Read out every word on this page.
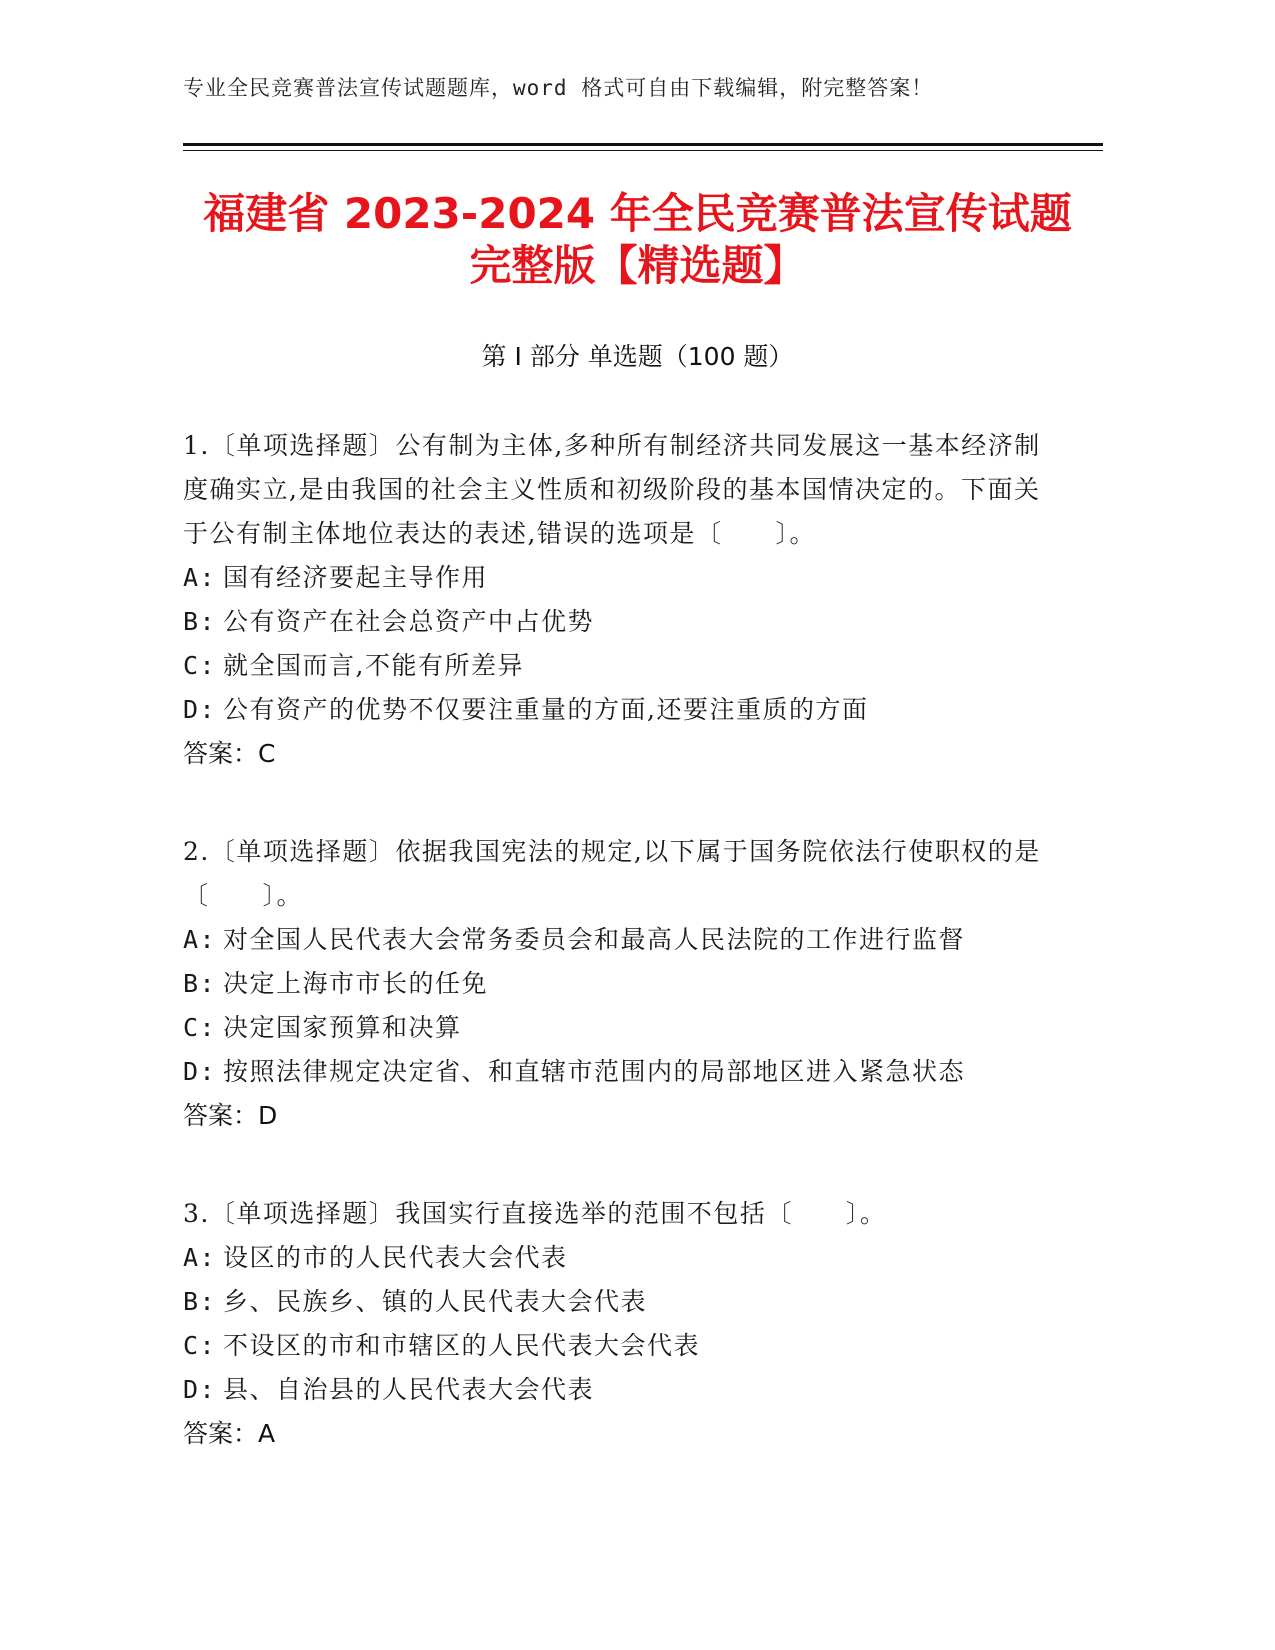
专业全民竞赛普法宣传试题题库，word 格式可自由下载编辑，附完整答案！
福建省 2023-2024 年全民竞赛普法宣传试题
完整版【精选题】
第 I 部分 单选题（100 题）

1.〔单项选择题〕公有制为主体,多种所有制经济共同发展这一基本经济制度确实立,是由我国的社会主义性质和初级阶段的基本国情决定的。下面关于公有制主体地位表达的表述,错误的选项是〔　　〕。

A: 国有经济要起主导作用

B: 公有资产在社会总资产中占优势

C: 就全国而言,不能有所差异

D: 公有资产的优势不仅要注重量的方面,还要注重质的方面

答案：C

2.〔单项选择题〕依据我国宪法的规定,以下属于国务院依法行使职权的是〔　　〕。

A: 对全国人民代表大会常务委员会和最高人民法院的工作进行监督

B: 决定上海市市长的任免

C: 决定国家预算和决算

D: 按照法律规定决定省、和直辖市范围内的局部地区进入紧急状态

答案：D

3.〔单项选择题〕我国实行直接选举的范围不包括〔　　〕。

A: 设区的市的人民代表大会代表

B: 乡、民族乡、镇的人民代表大会代表

C: 不设区的市和市辖区的人民代表大会代表

D: 县、自治县的人民代表大会代表

答案：A
